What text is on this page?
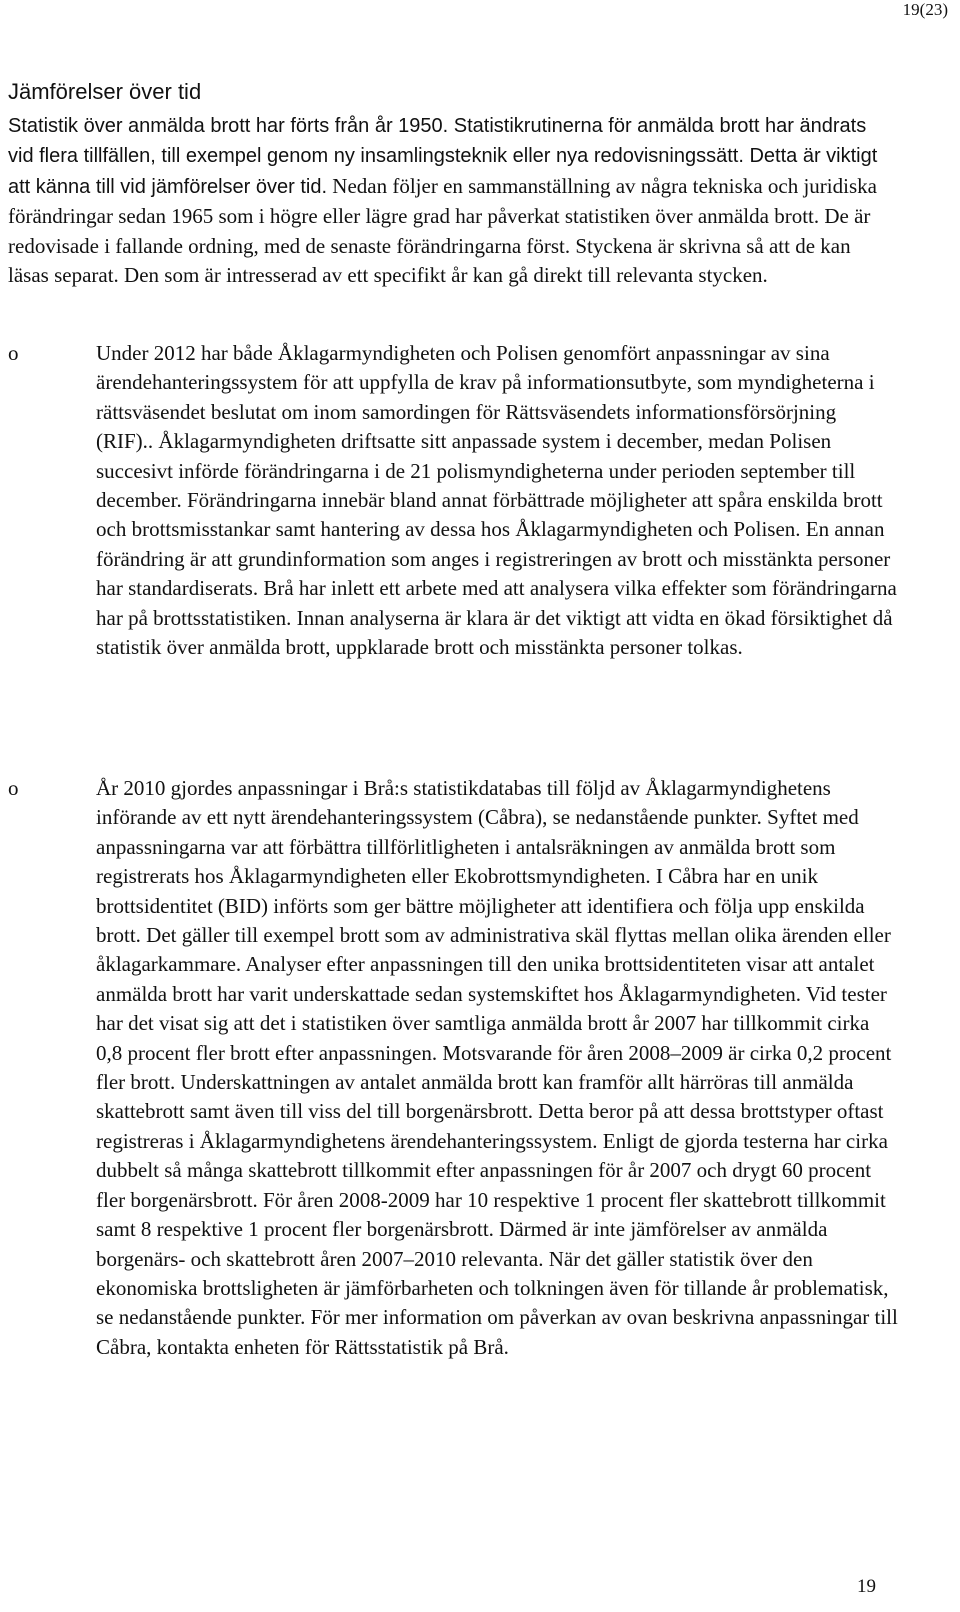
19(23)
Jämförelser över tid

Statistik över anmälda brott har förts från år 1950. Statistikrutinerna för anmälda brott har ändrats vid flera tillfällen, till exempel genom ny insamlingsteknik eller nya redovisningssätt. Detta är viktigt att känna till vid jämförelser över tid. Nedan följer en sammanställning av några tekniska och juridiska förändringar sedan 1965 som i högre eller lägre grad har påverkat statistiken över anmälda brott. De är redovisade i fallande ordning, med de senaste förändringarna först. Styckena är skrivna så att de kan läsas separat. Den som är intresserad av ett specifikt år kan gå direkt till relevanta stycken.

o	Under 2012 har både Åklagarmyndigheten och Polisen genomfört anpassningar av sina ärendehanteringssystem för att uppfylla de krav på informationsutbyte, som myndigheterna i rättsväsendet beslutat om inom samordingen för Rättsväsendets informationsförsörjning (RIF).. Åklagarmyndigheten driftsatte sitt anpassade system i december, medan Polisen succesivt införde förändringarna i de 21 polismyndigheterna under perioden september till december. Förändringarna innebär bland annat förbättrade möjligheter att spåra enskilda brott och brottsmisstankar samt hantering av dessa hos Åklagarmyndigheten och Polisen. En annan förändring är att grundinformation som anges i registreringen av brott och misstänkta personer har standardiserats. Brå har inlett ett arbete med att analysera vilka effekter som förändringarna har på brottsstatistiken. Innan analyserna är klara är det viktigt att vidta en ökad försiktighet då statistik över anmälda brott, uppklarade brott och misstänkta personer tolkas.
o	År 2010 gjordes anpassningar i Brå:s statistikdatabas till följd av Åklagarmyndighetens införande av ett nytt ärendehanteringssystem (Cåbra), se nedanstående punkter. Syftet med anpassningarna var att förbättra tillförlitligheten i antalsräkningen av anmälda brott som registrerats hos Åklagarmyndigheten eller Ekobrottsmyndigheten. I Cåbra har en unik brottsidentitet (BID) införts som ger bättre möjligheter att identifiera och följa upp enskilda brott. Det gäller till exempel brott som av administrativa skäl flyttas mellan olika ärenden eller åklagarkammare. Analyser efter anpassningen till den unika brottsidentiteten visar att antalet anmälda brott har varit underskattade sedan systemskiftet hos Åklagarmyndigheten. Vid tester har det visat sig att det i statistiken över samtliga anmälda brott år 2007 har tillkommit cirka 0,8 procent fler brott efter anpassningen. Motsvarande för åren 2008–2009 är cirka 0,2 procent fler brott. Underskattningen av antalet anmälda brott kan framför allt härröras till anmälda skattebrott samt även till viss del till borgenärsbrott. Detta beror på att dessa brottstyper oftast registreras i Åklagarmyndighetens ärendehanteringssystem. Enligt de gjorda testerna har cirka dubbelt så många skattebrott tillkommit efter anpassningen för år 2007 och drygt 60 procent fler borgenärsbrott. För åren 2008-2009 har 10 respektive 1 procent fler skattebrott tillkommit samt 8 respektive 1 procent fler borgenärsbrott. Därmed är inte jämförelser av anmälda borgenärs- och skattebrott åren 2007–2010 relevanta. När det gäller statistik över den ekonomiska brottsligheten är jämförbarheten och tolkningen även för tillande år problematisk, se nedanstående punkter. För mer information om påverkan av ovan beskrivna anpassningar till Cåbra, kontakta enheten för Rättsstatistik på Brå.
19
